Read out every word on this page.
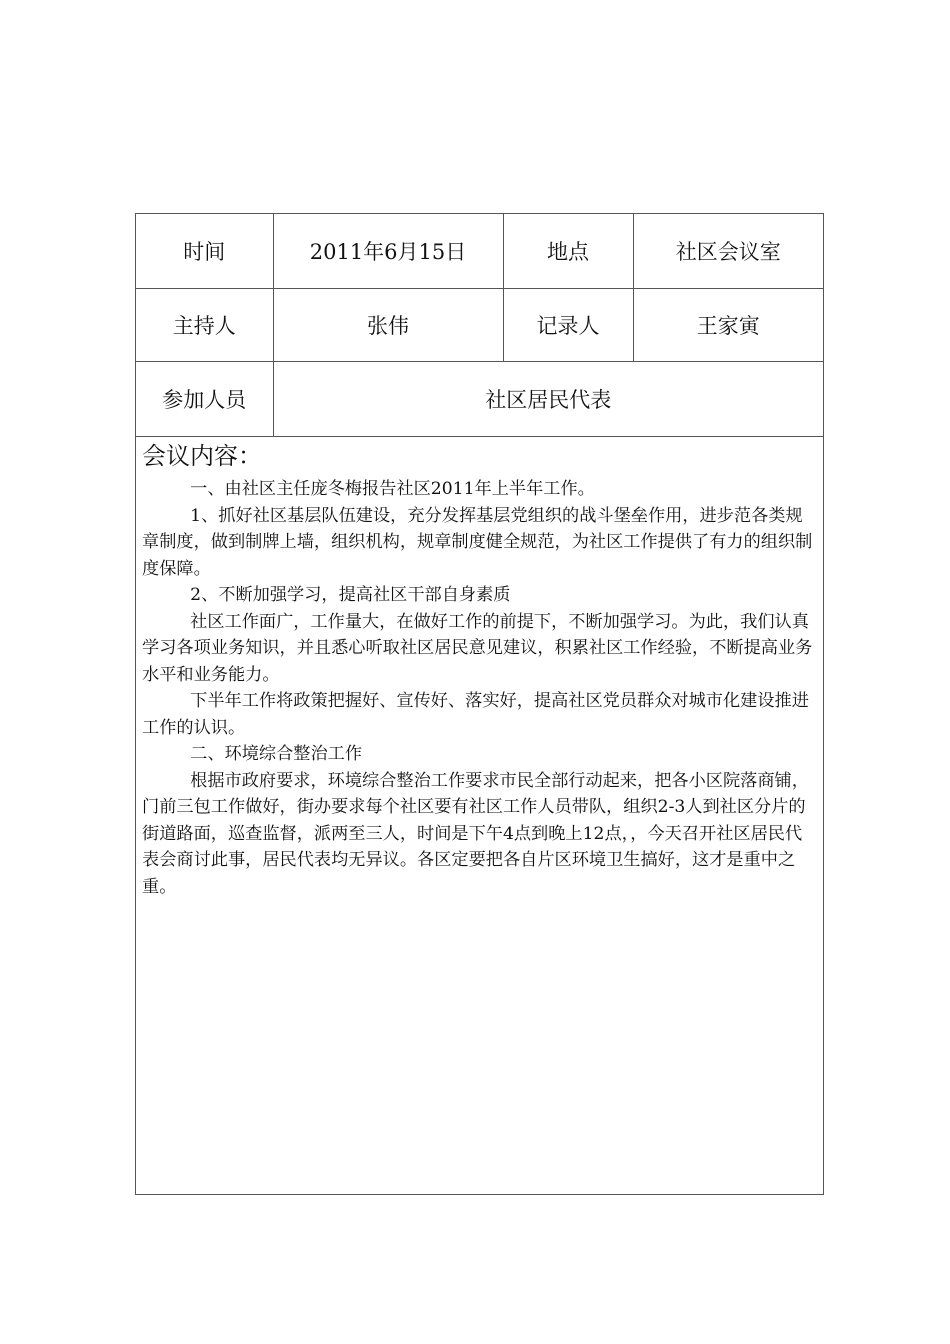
时间	2011年6月15日	地点	社区会议室
主持人	张伟	记录人	王家寅
参加人员	社区居民代表		
会议内容：

一、由社区主任庞冬梅报告社区2011年上半年工作。

1、抓好社区基层队伍建设，充分发挥基层党组织的战斗堡垒作用，进步范各类规章制度，做到制牌上墙，组织机构，规章制度健全规范，为社区工作提供了有力的组织制度保障。

2、不断加强学习，提高社区干部自身素质

社区工作面广，工作量大，在做好工作的前提下，不断加强学习。为此，我们认真学习各项业务知识，并且悉心听取社区居民意见建议，积累社区工作经验，不断提高业务水平和业务能力。

下半年工作将政策把握好、宣传好、落实好，提高社区党员群众对城市化建设推进工作的认识。

二、环境综合整治工作

根据市政府要求，环境综合整治工作要求市民全部行动起来，把各小区院落商铺，门前三包工作做好，街办要求每个社区要有社区工作人员带队，组织2-3人到社区分片的街道路面，巡查监督，派两至三人，时间是下午4点到晚上12点，，今天召开社区居民代表会商讨此事，居民代表均无异议。各区定要把各自片区环境卫生搞好，这才是重中之重。
